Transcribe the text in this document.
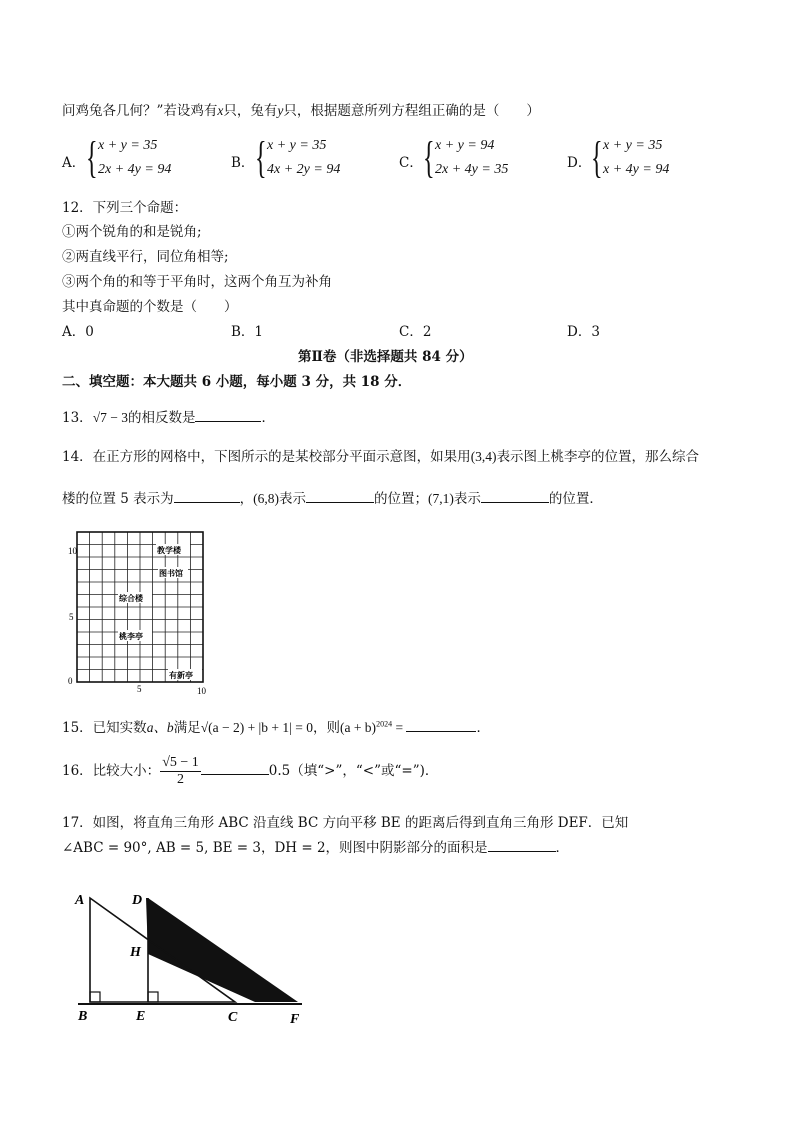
问鸡兔各几何？”若设鸡有x只，兔有y只，根据题意所列方程组正确的是（　　）
A． { x + y = 35
2x + 4y = 94	B． { x + y = 35
4x + 2y = 94	C． { x + y = 94
2x + 4y = 35	D． { x + y = 35
x + 4y = 94
12．下列三个命题：
①两个锐角的和是锐角;
②两直线平行，同位角相等;
③两个角的和等于平角时，这两个角互为补角
其中真命题的个数是（　　）
A．0	B．1	C．2	D．3
第Ⅱ卷（非选择题共 84 分）
二、填空题：本大题共 6 小题，每小题 3 分，共 18 分．
13．√7 − 3的相反数是	．
14．在正方形的网格中，下图所示的是某校部分平面示意图，如果用(3,4)表示图上桃李亭的位置，那么综合
楼的位置 5 表示为	，(6,8)表示	的位置；(7,1)表示	的位置．
10
5
0
5	10
教学楼
图书馆
综合楼
桃李亭
有新亭
15．已知实数a、b满足√(a − 2) + |b + 1| = 0，则$(a + b)^{2024}$ =	．
16．比较大小： $\frac{√5 - 1}{2}$	0.5（填“>”，“<”或“=”)．
17．如图，将直角三角形 ABC 沿直线 BC 方向平移 BE 的距离后得到直角三角形 DEF．已知
∠ABC = 90°, AB = 5, BE = 3，DH = 2，则图中阴影部分的面积是	．
A	D
H
B	E	C	F
